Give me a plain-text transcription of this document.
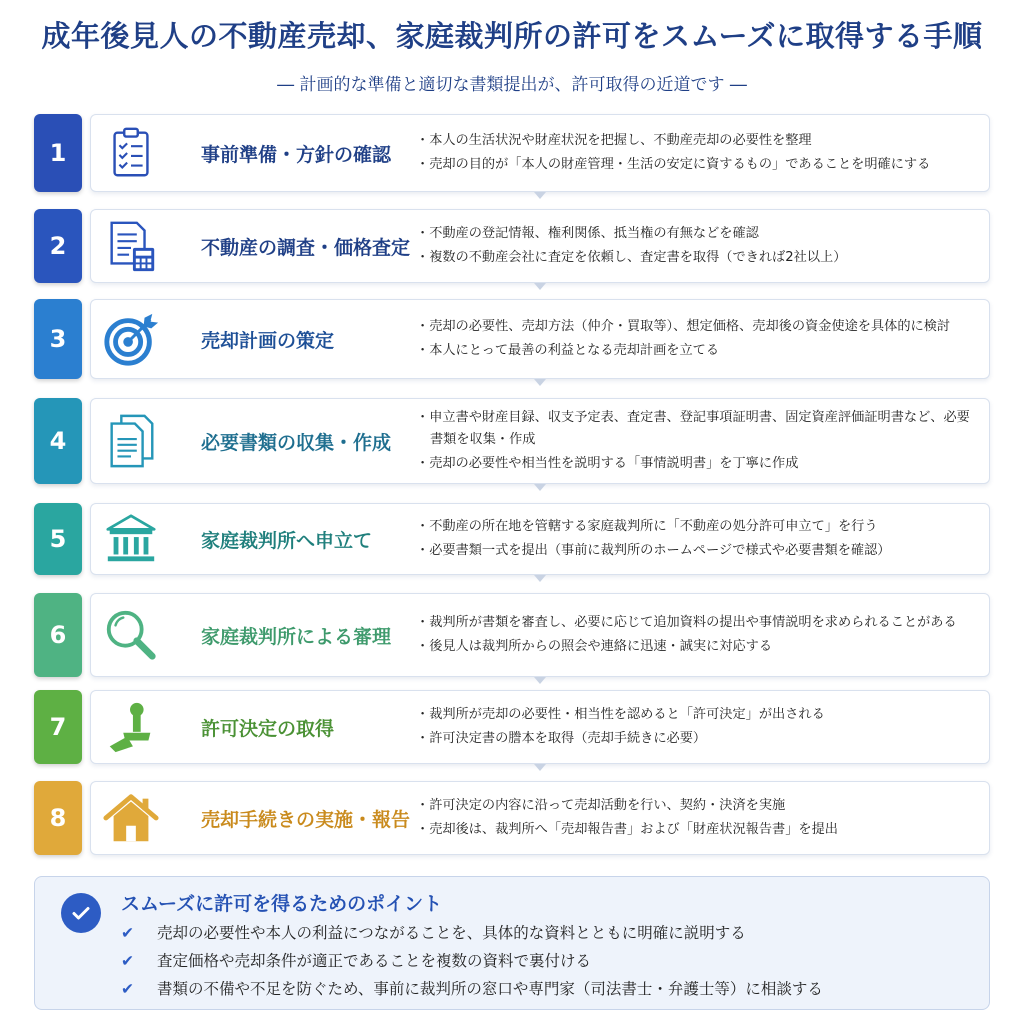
成年後見人の不動産売却、家庭裁判所の許可をスムーズに取得する手順
― 計画的な準備と適切な書類提出が、許可取得の近道です ―
1	事前準備・方針の確認
・ 本人の生活状況や財産状況を把握し、不動産売却の必要性を整理
・ 売却の目的が「本人の財産管理・生活の安定に資するもの」であることを明確にする
2	不動産の調査・価格査定
・ 不動産の登記情報、権利関係、抵当権の有無などを確認
・ 複数の不動産会社に査定を依頼し、査定書を取得（できれば2社以上）
3	売却計画の策定
・ 売却の必要性、売却方法（仲介・買取等）、想定価格、売却後の資金使途を具体的に検討
・ 本人にとって最善の利益となる売却計画を立てる
4	必要書類の収集・作成
・ 申立書や財産目録、収支予定表、査定書、登記事項証明書、固定資産評価証明書など、必要書類を収集・作成
・ 売却の必要性や相当性を説明する「事情説明書」を丁寧に作成
5	家庭裁判所へ申立て
・ 不動産の所在地を管轄する家庭裁判所に「不動産の処分許可申立て」を行う
・ 必要書類一式を提出（事前に裁判所のホームページで様式や必要書類を確認）
6	家庭裁判所による審理
・ 裁判所が書類を審査し、必要に応じて追加資料の提出や事情説明を求められることがある
・ 後見人は裁判所からの照会や連絡に迅速・誠実に対応する
7	許可決定の取得
・ 裁判所が売却の必要性・相当性を認めると「許可決定」が出される
・ 許可決定書の謄本を取得（売却手続きに必要）
8	売却手続きの実施・報告
・ 許可決定の内容に沿って売却活動を行い、契約・決済を実施
・ 売却後は、裁判所へ「売却報告書」および「財産状況報告書」を提出
スムーズに許可を得るためのポイント
✔ 売却の必要性や本人の利益につながることを、具体的な資料とともに明確に説明する
✔ 査定価格や売却条件が適正であることを複数の資料で裏付ける
✔ 書類の不備や不足を防ぐため、事前に裁判所の窓口や専門家（司法書士・弁護士等）に相談する
